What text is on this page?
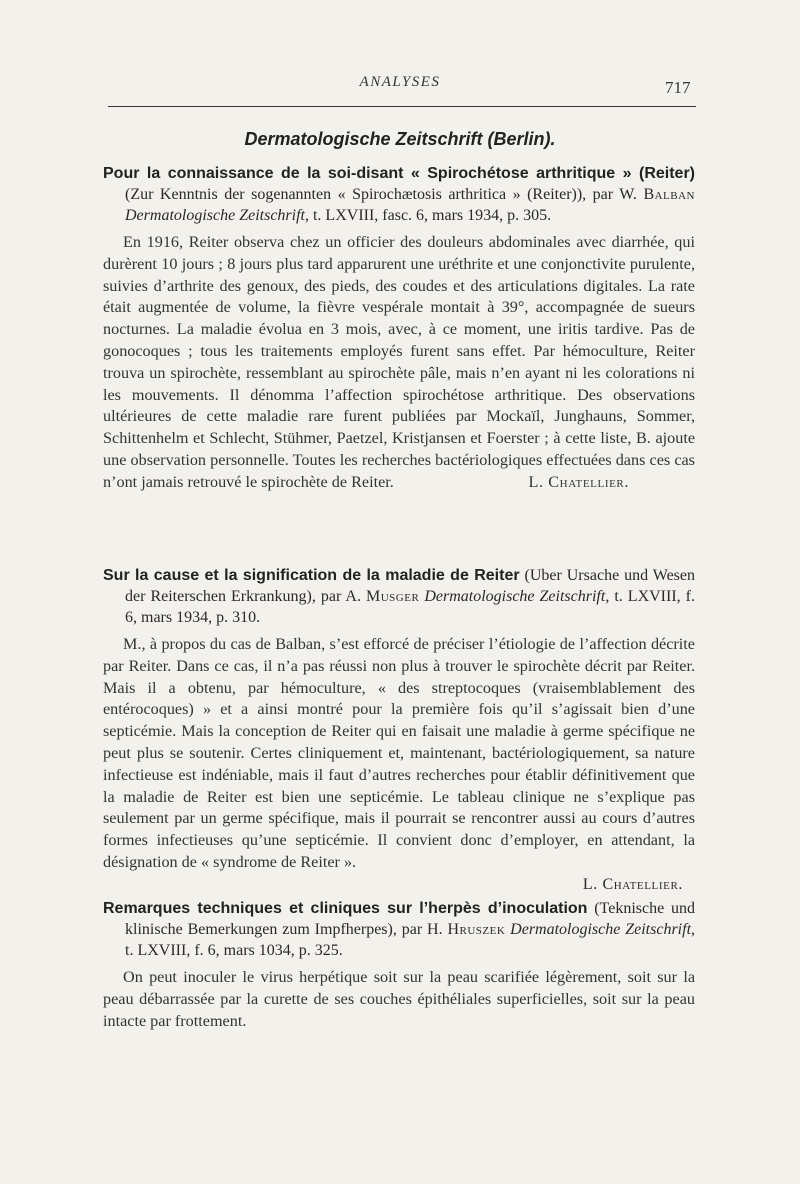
ANALYSES	717
Dermatologische Zeitschrift (Berlin).

Pour la connaissance de la soi-disant « Spirochétose arthritique » (Reiter) (Zur Kenntnis der sogenannten « Spirochætosis arthritica » (Reiter)), par W. Balban Dermatologische Zeitschrift, t. LXVIII, fasc. 6, mars 1934, p. 305.

En 1916, Reiter observa chez un officier des douleurs abdominales avec diarrhée, qui durèrent 10 jours ; 8 jours plus tard apparurent une uréthrite et une conjonctivite purulente, suivies d’arthrite des genoux, des pieds, des coudes et des articulations digitales. La rate était augmentée de volume, la fièvre vespérale montait à 39°, accompagnée de sueurs nocturnes. La maladie évolua en 3 mois, avec, à ce moment, une iritis tardive. Pas de gonocoques ; tous les traitements employés furent sans effet. Par hémoculture, Reiter trouva un spirochète, ressemblant au spirochète pâle, mais n’en ayant ni les colorations ni les mouvements. Il dénomma l’affection spirochétose arthritique. Des observations ultérieures de cette maladie rare furent publiées par Mockaïl, Junghauns, Sommer, Schittenhelm et Schlecht, Stühmer, Paetzel, Kristjansen et Foerster ; à cette liste, B. ajoute une observation personnelle. Toutes les recherches bactériologiques effectuées dans ces cas n’ont jamais retrouvé le spirochète de Reiter.	L. Chatellier.

Sur la cause et la signification de la maladie de Reiter (Uber Ursache und Wesen der Reiterschen Erkrankung), par A. Musger Dermatologische Zeitschrift, t. LXVIII, f. 6, mars 1934, p. 310.

M., à propos du cas de Balban, s’est efforcé de préciser l’étiologie de l’affection décrite par Reiter. Dans ce cas, il n’a pas réussi non plus à trouver le spirochète décrit par Reiter. Mais il a obtenu, par hémoculture, « des streptocoques (vraisemblablement des entérocoques) » et a ainsi montré pour la première fois qu’il s’agissait bien d’une septicémie. Mais la conception de Reiter qui en faisait une maladie à germe spécifique ne peut plus se soutenir. Certes cliniquement et, maintenant, bactériologiquement, sa nature infectieuse est indéniable, mais il faut d’autres recherches pour établir définitivement que la maladie de Reiter est bien une septicémie. Le tableau clinique ne s’explique pas seulement par un germe spécifique, mais il pourrait se rencontrer aussi au cours d’autres formes infectieuses qu’une septicémie. Il convient donc d’employer, en attendant, la désignation de « syndrome de Reiter ».

L. Chatellier.

Remarques techniques et cliniques sur l’herpès d’inoculation (Teknische und klinische Bemerkungen zum Impfherpes), par H. Hruszek Dermatologische Zeitschrift, t. LXVIII, f. 6, mars 1034, p. 325.

On peut inoculer le virus herpétique soit sur la peau scarifiée légèrement, soit sur la peau débarrassée par la curette de ses couches épithéliales superficielles, soit sur la peau intacte par frottement.
